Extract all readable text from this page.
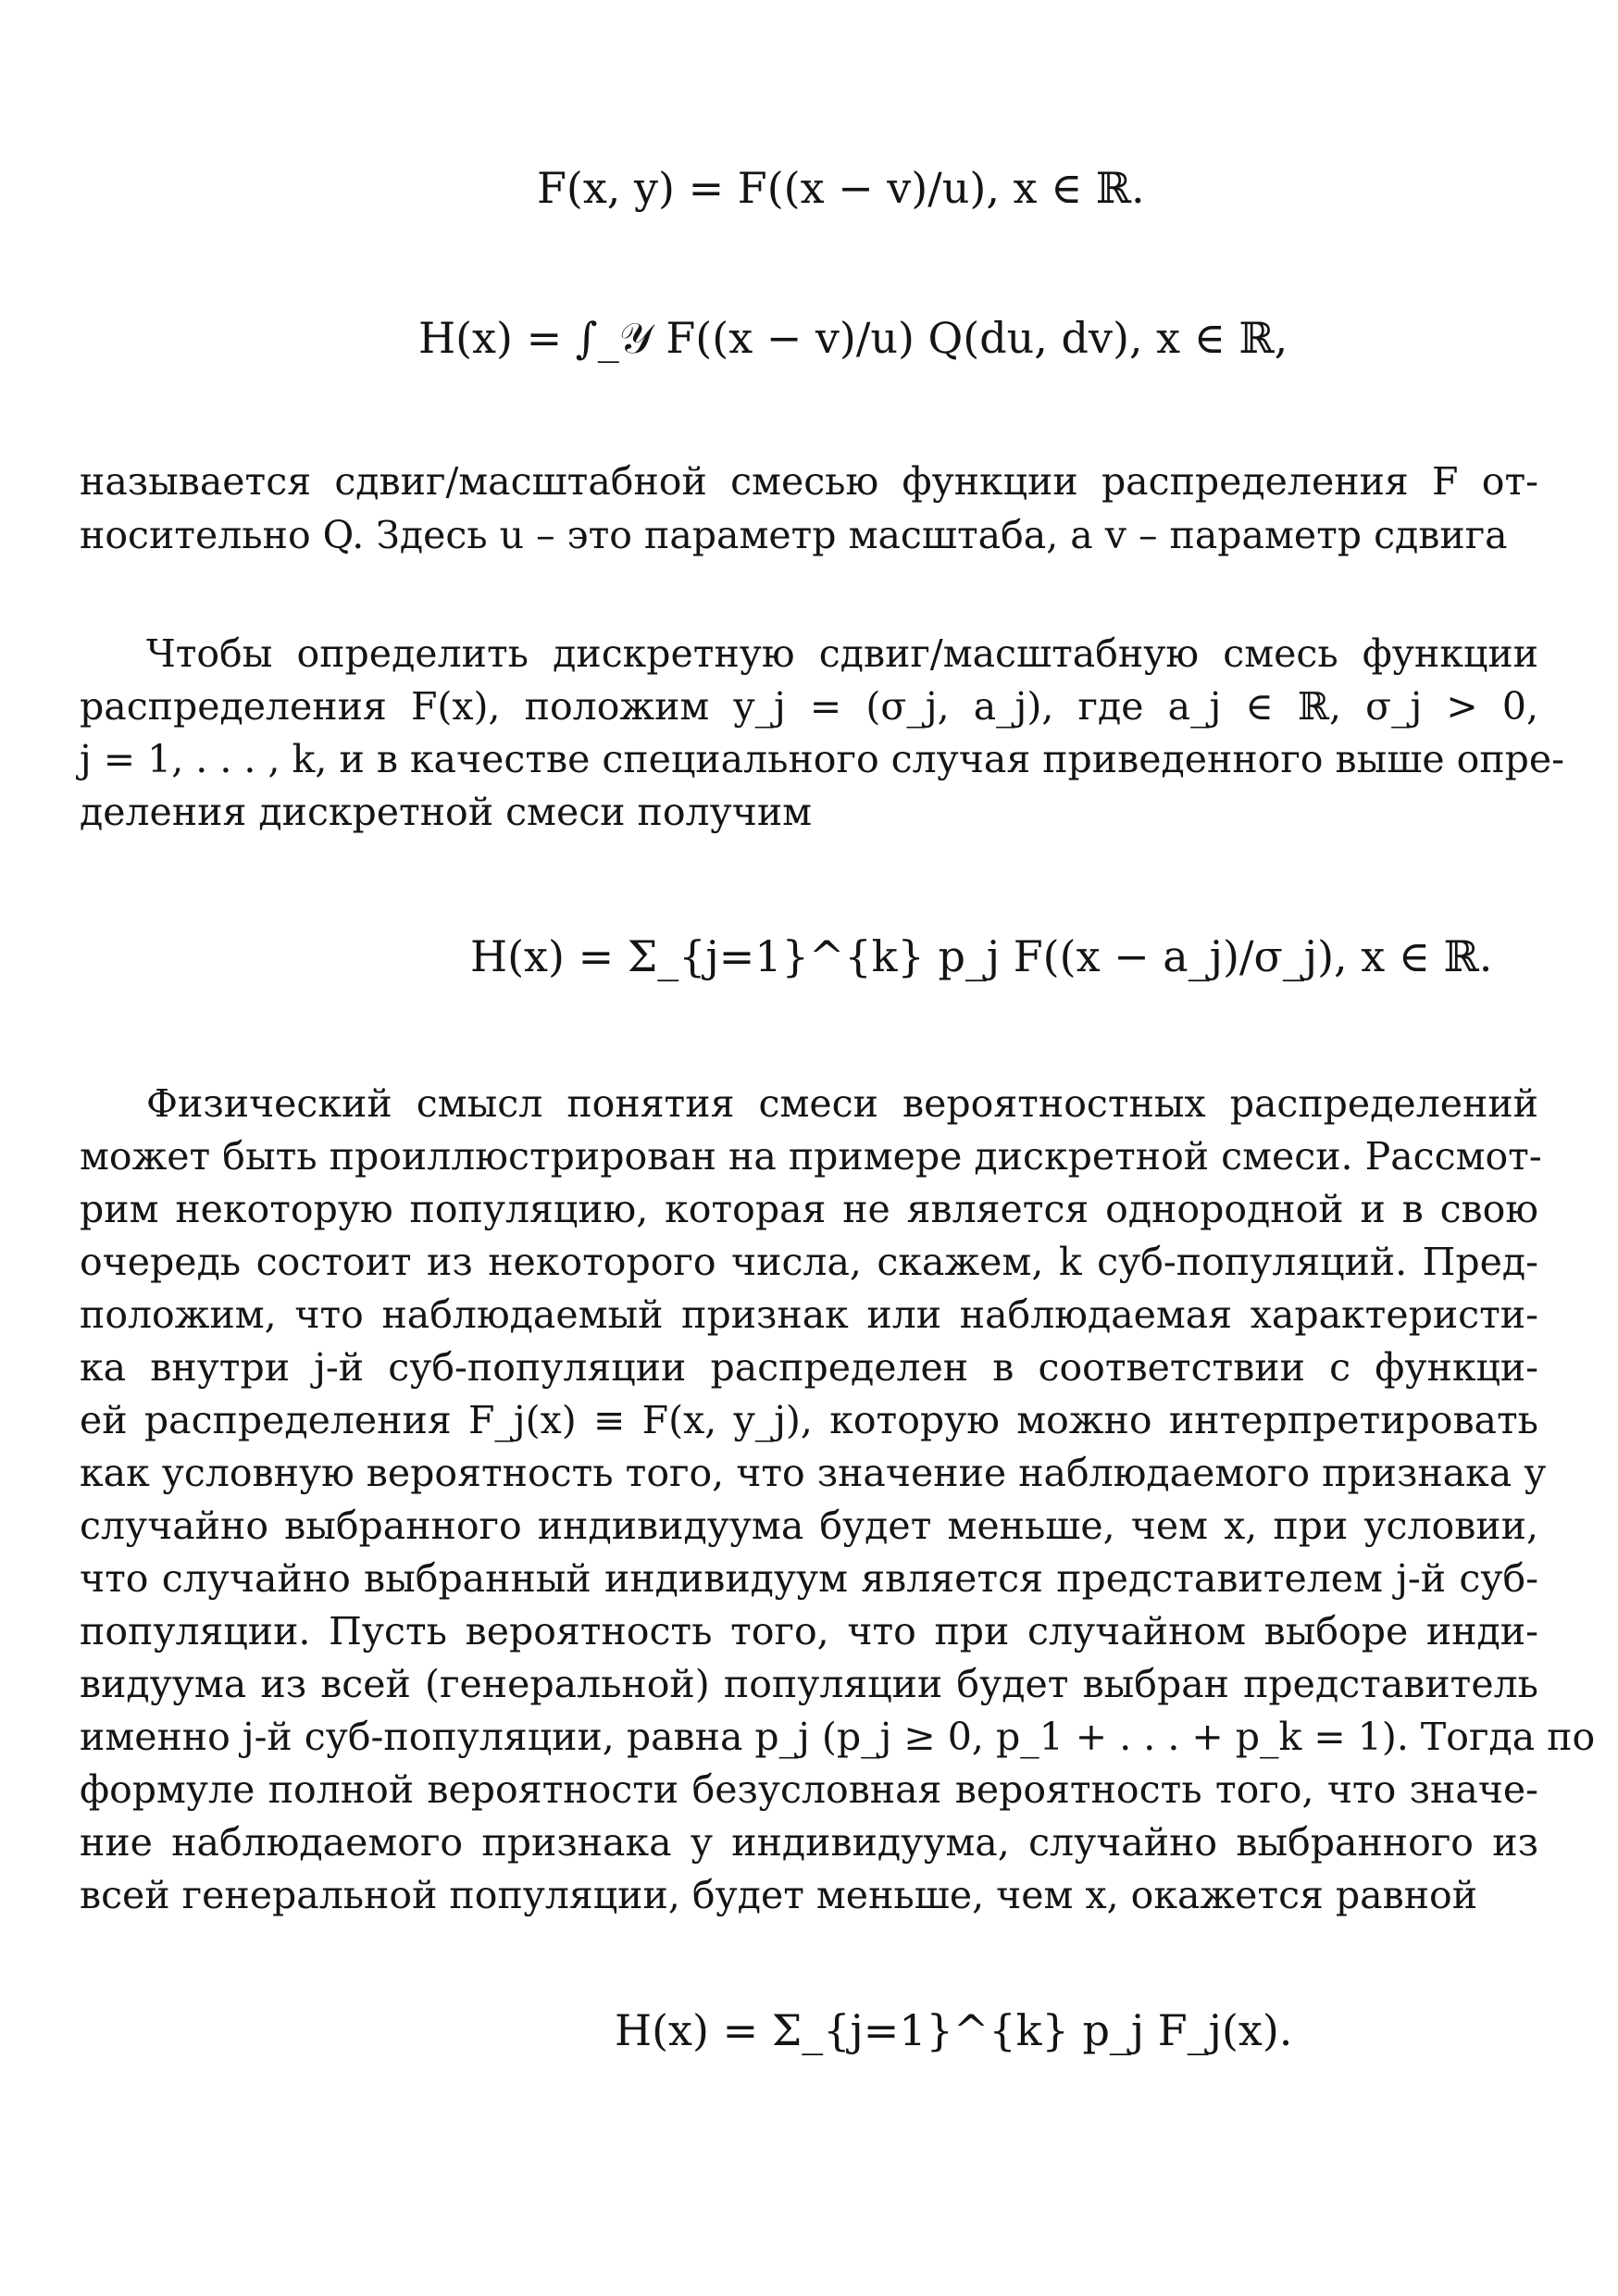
F(x, y) = F((x − v)/u), x ∈ ℝ.
H(x) = ∫_𝒴 F((x − v)/u) Q(du, dv), x ∈ ℝ,

называется сдвиг/масштабной смесью функции распределения F от-

носительно Q. Здесь u – это параметр масштаба, а v – параметр сдвига

Чтобы определить дискретную сдвиг/масштабную смесь функции

распределения F(x), положим y_j = (σ_j, a_j), где a_j ∈ ℝ, σ_j > 0,

j = 1, . . . , k, и в качестве специального случая приведенного выше опре-

деления дискретной смеси получим

H(x) = Σ_{j=1}^{k} p_j F((x − a_j)/σ_j), x ∈ ℝ.

Физический смысл понятия смеси вероятностных распределений

может быть проиллюстрирован на примере дискретной смеси. Рассмот-

рим некоторую популяцию, которая не является однородной и в свою

очередь состоит из некоторого числа, скажем, k суб-популяций. Пред-

положим, что наблюдаемый признак или наблюдаемая характеристи-

ка внутри j-й суб-популяции распределен в соответствии с функци-

ей распределения F_j(x) ≡ F(x, y_j), которую можно интерпретировать

как условную вероятность того, что значение наблюдаемого признака у

случайно выбранного индивидуума будет меньше, чем x, при условии,

что случайно выбранный индивидуум является представителем j-й суб-

популяции. Пусть вероятность того, что при случайном выборе инди-

видуума из всей (генеральной) популяции будет выбран представитель

именно j-й суб-популяции, равна p_j (p_j ≥ 0, p_1 + . . . + p_k = 1). Тогда по

формуле полной вероятности безусловная вероятность того, что значе-

ние наблюдаемого признака у индивидуума, случайно выбранного из

всей генеральной популяции, будет меньше, чем x, окажется равной

H(x) = Σ_{j=1}^{k} p_j F_j(x).
